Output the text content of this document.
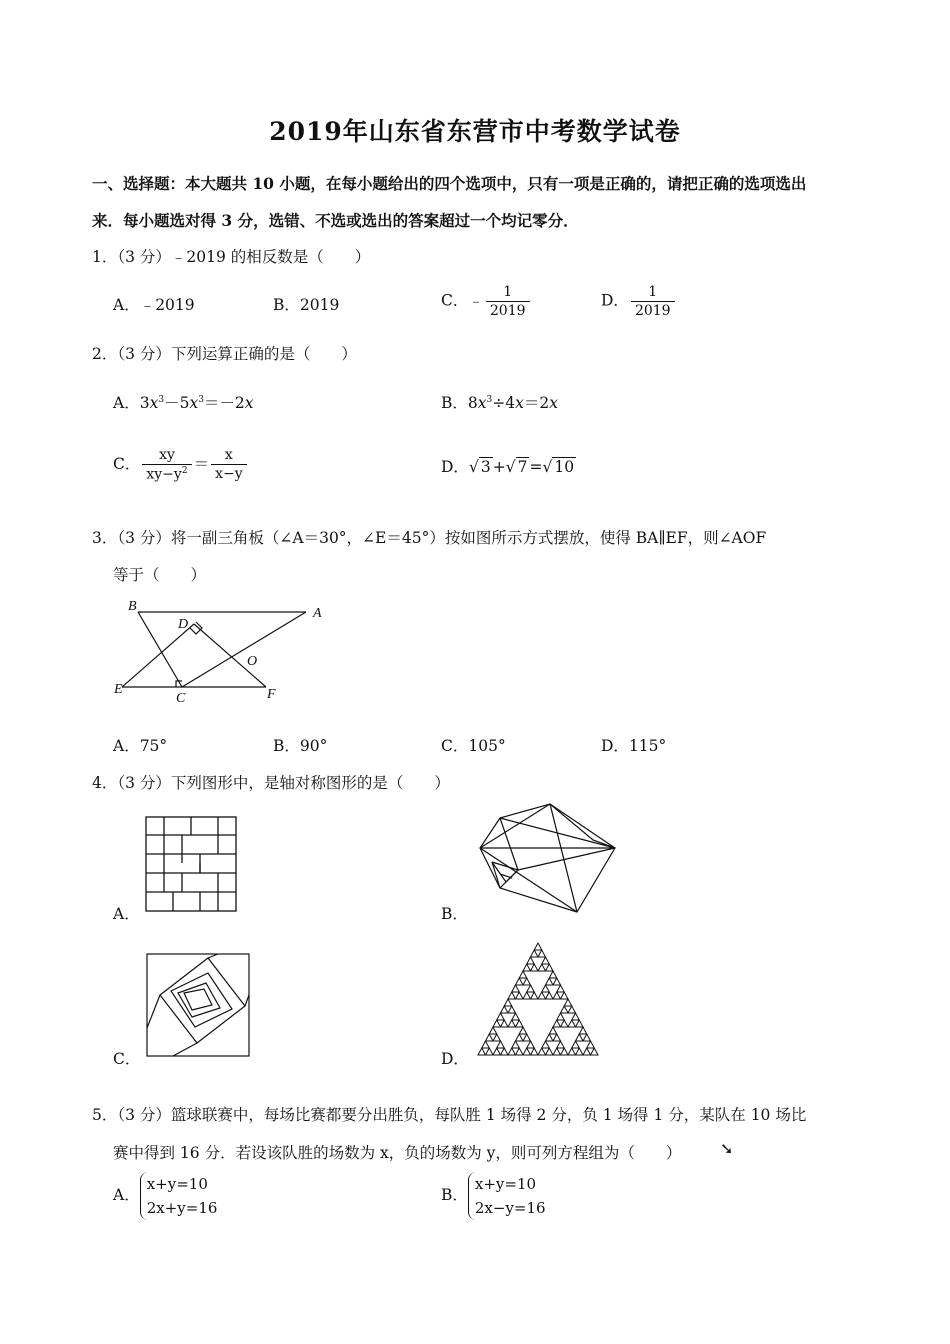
2019年山东省东营市中考数学试卷
一、选择题：本大题共 10 小题，在每小题给出的四个选项中，只有一项是正确的，请把正确的选项选出
来．每小题选对得 3 分，选错、不选或选出的答案超过一个均记零分．
1．（3 分）﹣2019 的相反数是（　　）
A．﹣2019	B．2019	C．﹣ $\frac{1}{2019}$	D． $\frac{1}{2019}$
2．（3 分）下列运算正确的是（　　）
A．$3x^3-5x^3=-2x$	B．$8x^3\div 4x=2x$
C． $\frac{xy}{xy-y^2} = \frac{x}{x-y}$	D．√ 3 +√ 7 =√ 10
3．（3 分）将一副三角板（∠A＝30°，∠E＝45°）按如图所示方式摆放，使得 BA∥EF，则∠AOF
等于（　　）
B	A
D
O
E
C	F
A．75°	B．90°	C．105°	D．115°
4．（3 分）下列图形中，是轴对称图形的是（　　）
A．	B．
C．	D．
5．（3 分）篮球联赛中，每场比赛都要分出胜负，每队胜 1 场得 2 分，负 1 场得 1 分，某队在 10 场比
赛中得到 16 分．若设该队胜的场数为 x，负的场数为 y，则可列方程组为（　　） ➘
A．
x+y=10
2x+y=16
B．
x+y=10
2x−y=16
